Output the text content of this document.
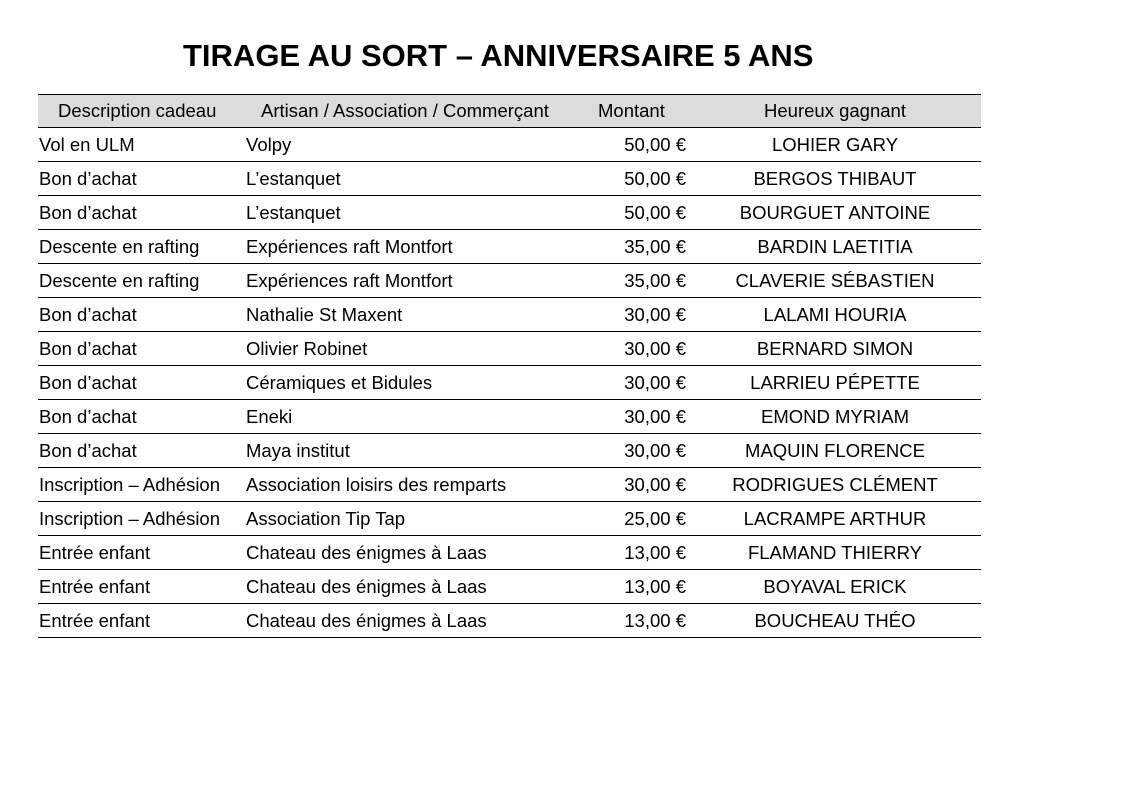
TIRAGE AU SORT – ANNIVERSAIRE 5 ANS
Description cadeau	Artisan / Association / Commerçant	Montant	Heureux gagnant
Vol en ULM	Volpy	50,00 €	LOHIER GARY
Bon d’achat	L’estanquet	50,00 €	BERGOS THIBAUT
Bon d’achat	L’estanquet	50,00 €	BOURGUET ANTOINE
Descente en rafting	Expériences raft Montfort	35,00 €	BARDIN LAETITIA
Descente en rafting	Expériences raft Montfort	35,00 €	CLAVERIE SÉBASTIEN
Bon d’achat	Nathalie St Maxent	30,00 €	LALAMI HOURIA
Bon d’achat	Olivier Robinet	30,00 €	BERNARD SIMON
Bon d’achat	Céramiques et Bidules	30,00 €	LARRIEU PÉPETTE
Bon d’achat	Eneki	30,00 €	EMOND MYRIAM
Bon d’achat	Maya institut	30,00 €	MAQUIN FLORENCE
Inscription – Adhésion	Association loisirs des remparts	30,00 €	RODRIGUES CLÉMENT
Inscription – Adhésion	Association Tip Tap	25,00 €	LACRAMPE ARTHUR
Entrée enfant	Chateau des énigmes à Laas	13,00 €	FLAMAND THIERRY
Entrée enfant	Chateau des énigmes à Laas	13,00 €	BOYAVAL ERICK
Entrée enfant	Chateau des énigmes à Laas	13,00 €	BOUCHEAU THÉO
